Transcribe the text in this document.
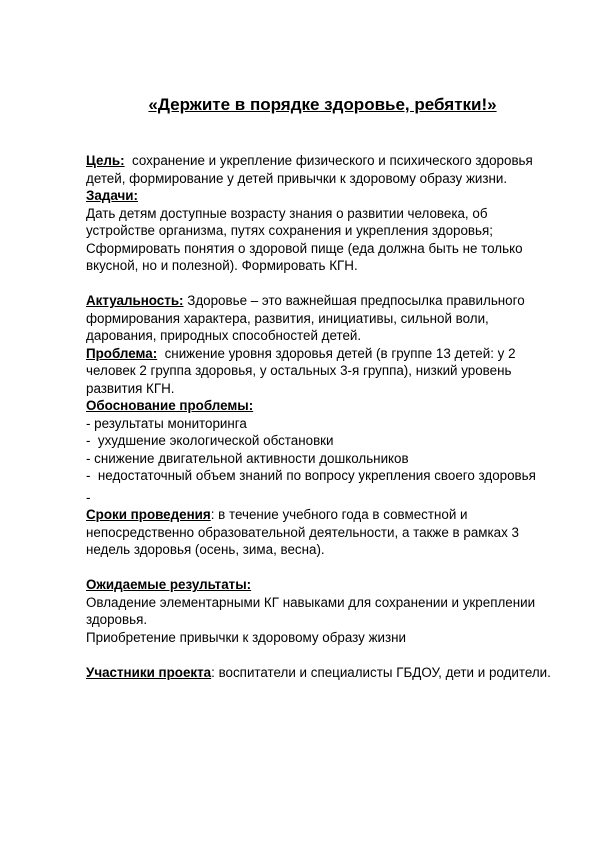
«Держите в порядке здоровье, ребятки!»

Цель:  сохранение и укрепление физического и психического здоровья детей, формирование у детей привычки к здоровому образу жизни.

Задачи:

Дать детям доступные возрасту знания о развитии человека, об устройстве организма, путях сохранения и укрепления здоровья; Сформировать понятия о здоровой пище (еда должна быть не только вкусной, но и полезной). Формировать КГН.

Актуальность: Здоровье – это важнейшая предпосылка правильного формирования характера, развития, инициативы, сильной воли, дарования, природных способностей детей.

Проблема:  снижение уровня здоровья детей (в группе 13 детей: у 2 человек 2 группа здоровья, у остальных 3-я группа), низкий уровень развития КГН.

Обоснование проблемы:

- результаты мониторинга

-  ухудшение экологической обстановки

- снижение двигательной активности дошкольников

-  недостаточный объем знаний по вопросу укрепления своего здоровья

-

Сроки проведения: в течение учебного года в совместной и непосредственно образовательной деятельности, а также в рамках 3 недель здоровья (осень, зима, весна).

Ожидаемые результаты:

Овладение элементарными КГ навыками для сохранении и укреплении здоровья.

Приобретение привычки к здоровому образу жизни

Участники проекта: воспитатели и специалисты ГБДОУ, дети и родители.
